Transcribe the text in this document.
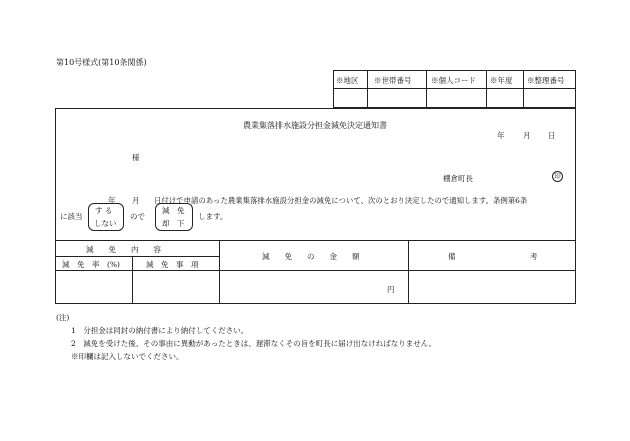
第10号様式(第10条関係)
※地区 ※世帯番号	※個人コード ※年度 ※整理番号
農業集落排水施設分担金減免決定通知書
年 月 日
様
棚倉町長	印
年 月 日付けで申請のあった農業集落排水施設分担金の減免について、次のとおり決定したので通知します。条例第6条
に該当
す る
しない
ので
減　免
却　下
します。
減　　免　　内　　容
減　免　率　(%)	減　免　事　項
減　　免　　の　　金　　額	備	考
円
(注)
1　分担金は同封の納付書により納付してください。
2　減免を受けた後、その事由に異動があったときは、遅滞なくその旨を町長に届け出なければなりません。
※印欄は記入しないでください。
